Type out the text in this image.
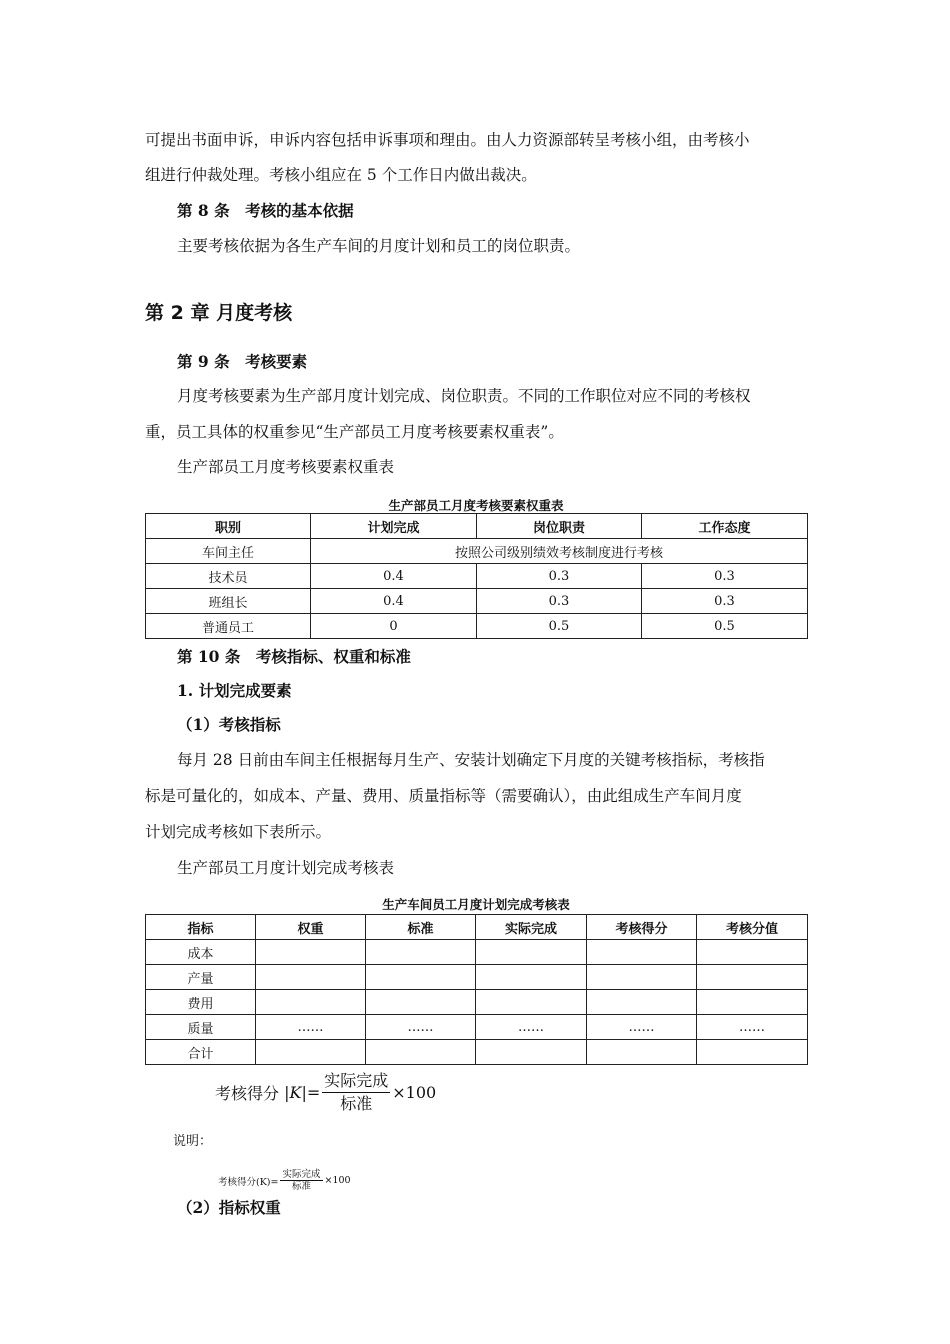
可提出书面申诉，申诉内容包括申诉事项和理由。由人力资源部转呈考核小组，由考核小
组进行仲裁处理。考核小组应在 5 个工作日内做出裁决。
第 8 条　考核的基本依据
主要考核依据为各生产车间的月度计划和员工的岗位职责。
第 2 章 月度考核
第 9 条　考核要素
月度考核要素为生产部月度计划完成、岗位职责。不同的工作职位对应不同的考核权
重，员工具体的权重参见“生产部员工月度考核要素权重表”。
生产部员工月度考核要素权重表
生产部员工月度考核要素权重表
职别	计划完成	岗位职责	工作态度
车间主任	按照公司级别绩效考核制度进行考核		
技术员	0.4	0.3	0.3
班组长	0.4	0.3	0.3
普通员工	0	0.5	0.5
第 10 条　考核指标、权重和标准
1. 计划完成要素
（1）考核指标
每月 28 日前由车间主任根据每月生产、安装计划确定下月度的关键考核指标，考核指
标是可量化的，如成本、产量、费用、质量指标等（需要确认），由此组成生产车间月度
计划完成考核如下表所示。
生产部员工月度计划完成考核表
生产车间员工月度计划完成考核表
指标	权重	标准	实际完成	考核得分	考核分值
成本					
产量					
费用					
质量	……	……	……	……	……
合计					
考核得分 | K |= $\frac{\text{实际完成}}{\text{标准}} \times 100$
说明：
考核得分$(K)= \frac{\text{实际完成}}{\text{标准}} \times 100$
（2）指标权重
